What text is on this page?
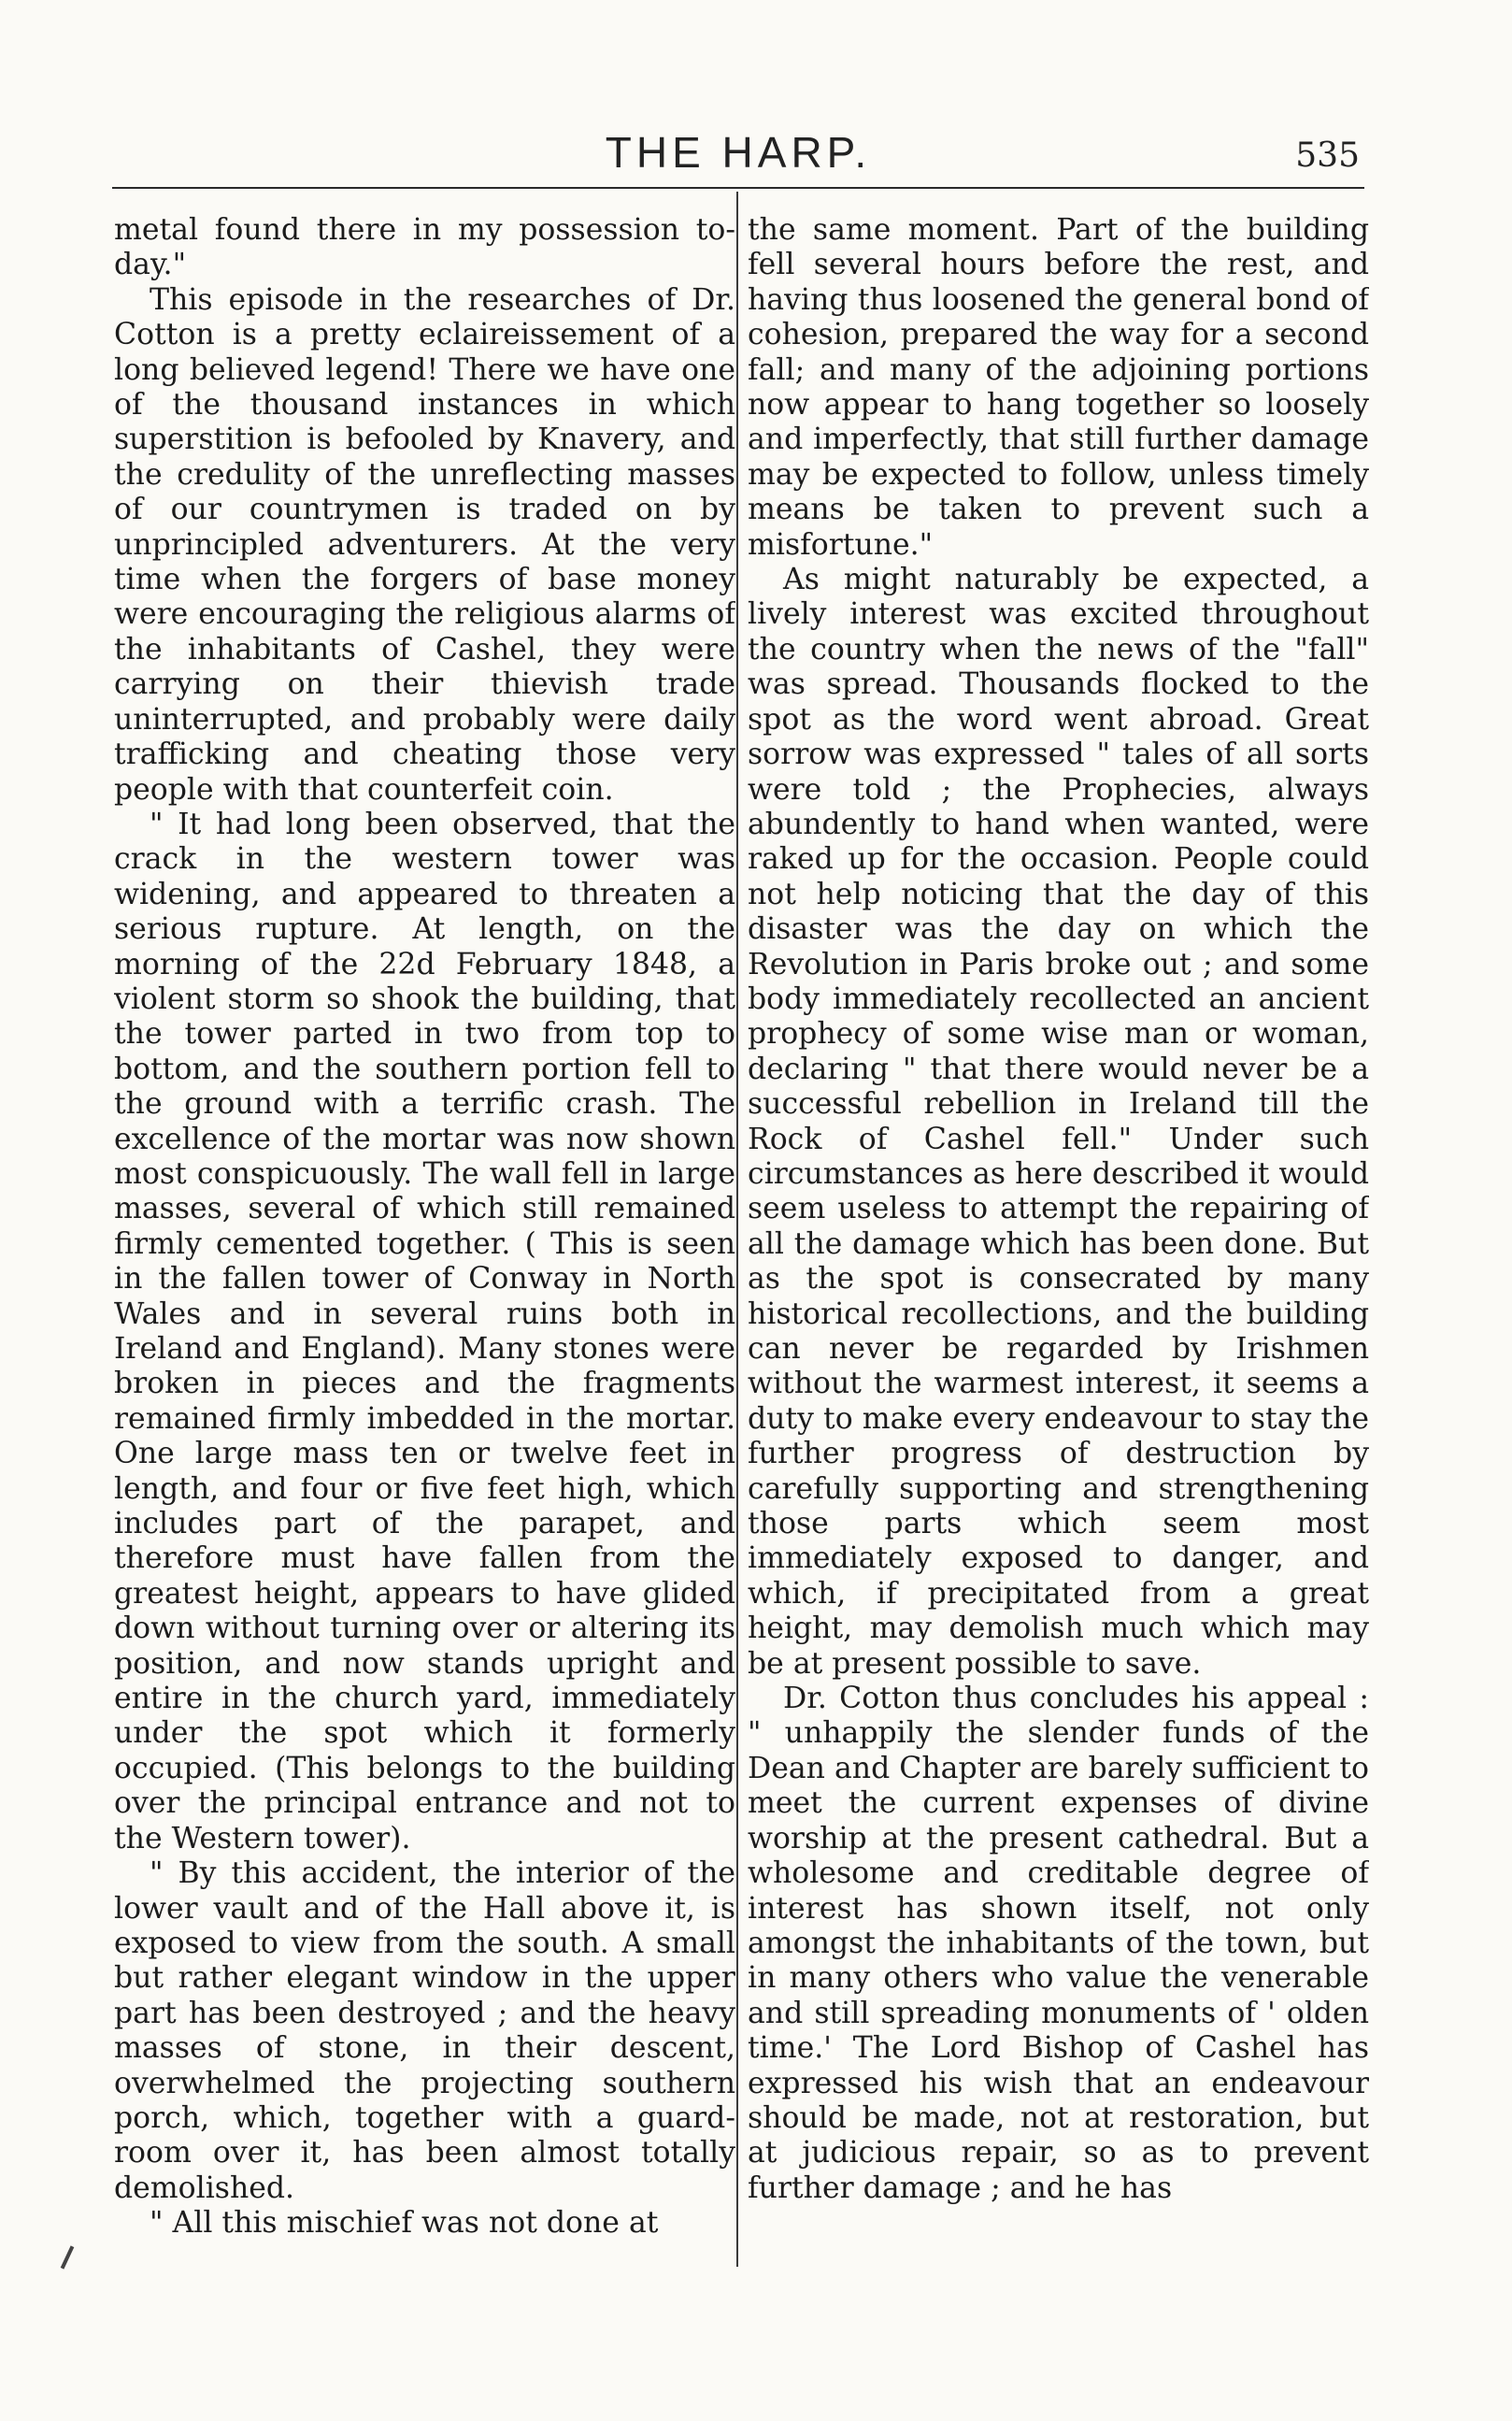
THE HARP.	535

metal found there in my possession to-day."

This episode in the researches of Dr. Cotton is a pretty eclaireissement of a long believed legend! There we have one of the thousand instances in which superstition is befooled by Knavery, and the credulity of the unreflecting masses of our countrymen is traded on by unprincipled adventurers. At the very time when the forgers of base money were encouraging the religious alarms of the inhabitants of Cashel, they were carrying on their thievish trade uninterrupted, and probably were daily trafficking and cheating those very people with that counterfeit coin.

" It had long been observed, that the crack in the western tower was widening, and appeared to threaten a serious rupture. At length, on the morning of the 22d February 1848, a violent storm so shook the building, that the tower parted in two from top to bottom, and the southern portion fell to the ground with a terrific crash. The excellence of the mortar was now shown most conspicuously. The wall fell in large masses, several of which still remained firmly cemented together. ( This is seen in the fallen tower of Conway in North Wales and in several ruins both in Ireland and England). Many stones were broken in pieces and the fragments remained firmly imbedded in the mortar. One large mass ten or twelve feet in length, and four or five feet high, which includes part of the parapet, and therefore must have fallen from the greatest height, appears to have glided down without turning over or altering its position, and now stands upright and entire in the church yard, immediately under the spot which it formerly occupied. (This belongs to the building over the principal entrance and not to the Western tower).

" By this accident, the interior of the lower vault and of the Hall above it, is exposed to view from the south. A small but rather elegant window in the upper part has been destroyed ; and the heavy masses of stone, in their descent, overwhelmed the projecting southern porch, which, together with a guard-room over it, has been almost totally demolished.

" All this mischief was not done at

the same moment. Part of the building fell several hours before the rest, and having thus loosened the general bond of cohesion, prepared the way for a second fall; and many of the adjoining portions now appear to hang together so loosely and imperfectly, that still further damage may be expected to follow, unless timely means be taken to prevent such a misfortune."

As might naturably be expected, a lively interest was excited throughout the country when the news of the "fall" was spread. Thousands flocked to the spot as the word went abroad. Great sorrow was expressed " tales of all sorts were told ; the Prophecies, always abundently to hand when wanted, were raked up for the occasion. People could not help noticing that the day of this disaster was the day on which the Revolution in Paris broke out ; and some body immediately recollected an ancient prophecy of some wise man or woman, declaring " that there would never be a successful rebellion in Ireland till the Rock of Cashel fell." Under such circumstances as here described it would seem useless to attempt the repairing of all the damage which has been done. But as the spot is consecrated by many historical recollections, and the building can never be regarded by Irishmen without the warmest interest, it seems a duty to make every endeavour to stay the further progress of destruction by carefully supporting and strengthening those parts which seem most immediately exposed to danger, and which, if precipitated from a great height, may demolish much which may be at present possible to save.

Dr. Cotton thus concludes his appeal : " unhappily the slender funds of the Dean and Chapter are barely sufficient to meet the current expenses of divine worship at the present cathedral. But a wholesome and creditable degree of interest has shown itself, not only amongst the inhabitants of the town, but in many others who value the venerable and still spreading monuments of ' olden time.' The Lord Bishop of Cashel has expressed his wish that an endeavour should be made, not at restoration, but at judicious repair, so as to prevent further damage ; and he has
